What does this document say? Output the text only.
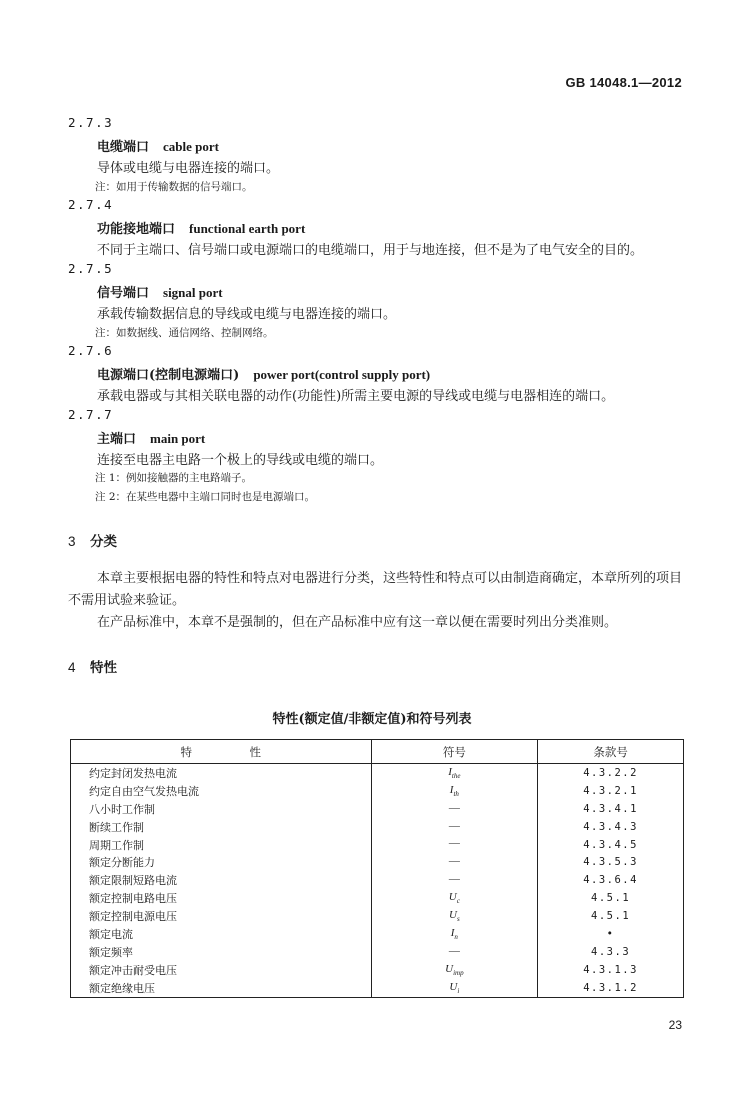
GB 14048.1—2012
2.7.3
电缆端口 cable port
导体或电缆与电器连接的端口。
注：如用于传输数据的信号端口。
2.7.4
功能接地端口 functional earth port
不同于主端口、信号端口或电源端口的电缆端口，用于与地连接，但不是为了电气安全的目的。
2.7.5
信号端口 signal port
承载传输数据信息的导线或电缆与电器连接的端口。
注：如数据线、通信网络、控制网络。
2.7.6
电源端口(控制电源端口) power port(control supply port)
承载电器或与其相关联电器的动作(功能性)所需主要电源的导线或电缆与电器相连的端口。
2.7.7
主端口 main port
连接至电器主电路一个极上的导线或电缆的端口。
注 1：例如接触器的主电路端子。
注 2：在某些电器中主端口同时也是电源端口。
3 分类
本章主要根据电器的特性和特点对电器进行分类，这些特性和特点可以由制造商确定，本章所列的项目不需用试验来验证。
在产品标准中，本章不是强制的，但在产品标准中应有这一章以便在需要时列出分类准则。
4 特性
特性(额定值/非额定值)和符号列表
特　　　　　性	符号	条款号
约定封闭发热电流	$I_{the}$	4.3.2.2
约定自由空气发热电流	$I_{th}$	4.3.2.1
八小时工作制	—	4.3.4.1
断续工作制	—	4.3.4.3
周期工作制	—	4.3.4.5
额定分断能力	—	4.3.5.3
额定限制短路电流	—	4.3.6.4
额定控制电路电压	$U_c$	4.5.1
额定控制电源电压	$U_s$	4.5.1
额定电流	$I_n$	•
额定频率	—	4.3.3
额定冲击耐受电压	$U_{imp}$	4.3.1.3
额定绝缘电压	$U_i$	4.3.1.2
23
